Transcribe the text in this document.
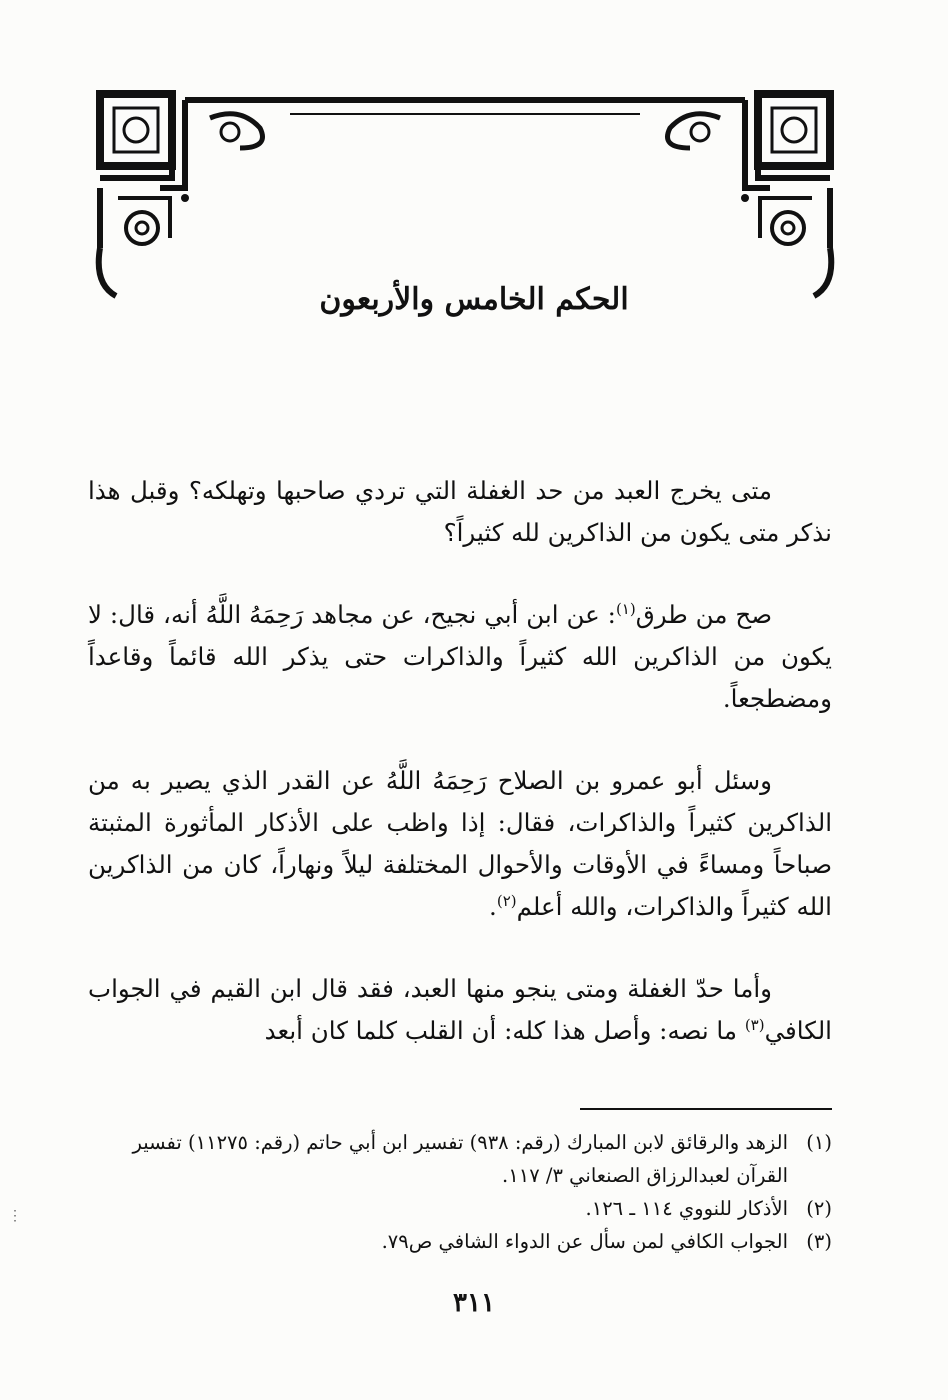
الحكم الخامس والأربعون

متى يخرج العبد من حد الغفلة التي تردي صاحبها وتهلكه؟ وقبل هذا نذكر متى يكون من الذاكرين لله كثيراً؟

صح من طرق$^{(١)}$: عن ابن أبي نجيح، عن مجاهد رَحِمَهُ اللَّهُ أنه، قال: لا يكون من الذاكرين الله كثيراً والذاكرات حتى يذكر الله قائماً وقاعداً ومضطجعاً.

وسئل أبو عمرو بن الصلاح رَحِمَهُ اللَّهُ عن القدر الذي يصير به من الذاكرين كثيراً والذاكرات، فقال: إذا واظب على الأذكار المأثورة المثبتة صباحاً ومساءً في الأوقات والأحوال المختلفة ليلاً ونهاراً، كان من الذاكرين الله كثيراً والذاكرات، والله أعلم$^{(٢)}$.

وأما حدّ الغفلة ومتى ينجو منها العبد، فقد قال ابن القيم في الجواب الكافي$^{(٣)}$ ما نصه: وأصل هذا كله: أن القلب كلما كان أبعد

(١)
الزهد والرقائق لابن المبارك (رقم: ٩٣٨) تفسير ابن أبي حاتم (رقم: ١١٢٧٥) تفسير القرآن لعبدالرزاق الصنعاني ٣/ ١١٧.
(٢)
الأذكار للنووي ١١٤ ـ ١٢٦.
(٣)
الجواب الكافي لمن سأل عن الدواء الشافي ص٧٩.
٣١١
⋮
